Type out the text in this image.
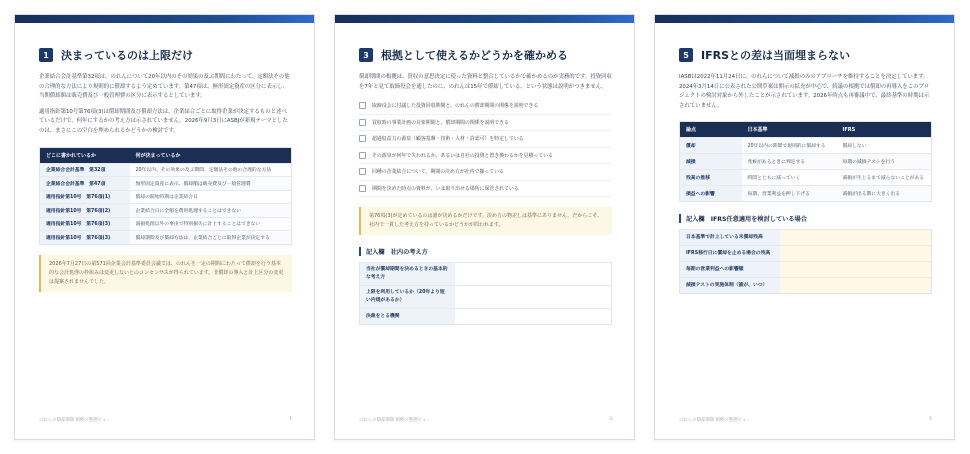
1	決まっているのは上限だけ

企業結合会計基準第32項は、のれんについて20年以内のその効果の及ぶ期間にわたって、定額法その他の合理的な方法により規則的に償却するよう定めています。第47項は、無形固定資産の区分に表示し、当期償却額は販売費及び一般管理費の区分に表示するとしています。

適用指針第10号第76項(3)は償却期間及び償却方法は、企業結合ごとに取得企業が決定するものと述べているだけで、何年にするかの考え方は示されていません。2026年9月3日にASBJが新規テーマとしたのは、まさにこの空白を埋められるかどうかの検討です。

どこに書かれているか	何が決まっているか
企業結合会計基準　第32項	20年以内、その効果の及ぶ期間、定額法その他の合理的な方法
企業結合会計基準　第47項	無形固定資産に表示、償却額は販売費及び一般管理費
適用指針第10号　第76項(1)	償却の開始時期は企業結合日
適用指針第10号　第76項(2)	企業結合日に全額を費用処理することはできない
適用指針第10号　第76項(3)	減損処理以外の事由で特別損失に計上することはできない
適用指針第10号　第76項(3)	償却期間及び償却方法は、企業結合ごとに取得企業が決定する
2026年7月27日の第571回企業会計基準委員会議では、のれんを一定の期間にわたって償却を行う基本的な会計処理の枠組みは変更しないとのコンセンサスが得られています。非償却の導入と計上区分の変更は提案されませんでした。
のれんの償却期間 根拠の整理ビュー	1
3	根拠として使えるかどうかを確かめる

償却期間の根拠は、買収の意思決定に使った資料と整合しているかで確かめるのが実務的です。投資回収を7年と見て取締役会を通したのに、のれんは15年で償却している、という状態は説明がつきません。

取締役会に付議した投資回収期間と、のれんの償却期間の関係を説明できる
買収時の事業計画の対象期間と、償却期間の関係を説明できる
超過収益力の源泉（顧客基盤・技術・人材・許認可）を特定している
その源泉が何年で失われるか、あるいは自社の投資と置き換わるかを見積っている
同種の企業結合について、期間の決め方が社内で揃っている
期間を決めた時点の資料が、いま取り出せる場所に保管されている
第76項(3)が定めているのは誰が決めるかだけです。決め方の物差しは基準にありません。だからこそ、社内で一貫した考え方を持っているかどうかが問われます。
記入欄　社内の考え方
当社が償却期間を決めるときの基本的な考え方	
上限を利用しているか（20年より短い内規があるか）	
決裁をとる機関	
のれんの償却期間 根拠の整理ビュー	3
5	IFRSとの差は当面埋まらない

IASBは2022年11月24日に、のれんについて減損のみのアプローチを維持することを決定しています。2024年3月14日に公表された公開草案は開示の拡充が中心で、続議の根拠では償却の再導入をこのプロジェクトの検討対象から外したことが示されています。2026年時点も再審議中で、最終基準の時期は示されていません。

論点	日本基準	IFRS
償却	20年以内の期間で規則的に償却する	償却しない
減損	兆候があるときに判定する	毎期の減損テストを行う
残高の推移	時間とともに減っていく	減損が生じるまで減らないことがある
損益への影響	毎期、営業利益を押し下げる	減損が出る期に大きく出る
記入欄　IFRS任意適用を検討している場合
日本基準で計上している未償却残高	
IFRS移行日に償却を止める場合の残高	
毎期の営業利益への影響額	
減損テストの実施体制（誰が、いつ）	
のれんの償却期間 根拠の整理ビュー	5
